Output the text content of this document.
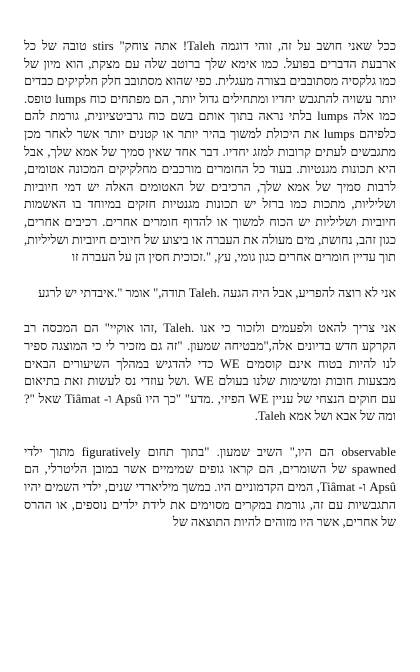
ככל שאני חושב על זה, זוהי דוגמה Taleh! אתה צוחק" stirs טובה של כל ארבעת הדברים בפועל. כמו אימא שלך ברוטב שלה עם מצקת, הוא מיון של כמו גלקסיה מסתובבים בצורה מעגלית. כפי שהוא מסתובב חלק חלקיקים כבדים יותר עשויה להתגבש יחדיו ומתחילים גדול יותר, הם מפתחים כוח lumps טופס. כמו אלה lumps בלתי נראה בתוך אותם בשם כוח גרביטציונית, גורמת להם כלפיהם lumps את היכולת למשוך בהיר יותר או קטנים יותר אשר לאחר מכן מתגבשים לעתים קרובות למזג יחדיו. דבר אחד שאין סמיך של אמא שלך, אבל היא תכונות מגנטיות. בעוד כל החומרים מורכבים מחלקיקים המכונה אטומים, לרבות סמיך של אמא שלך, הרכיבים של האטומים האלה יש דמי חיוביות ושליליות, מתכות כמו ברזל יש תכונות מגנטיות חזקים במיוחד בו האשמות חיוביות ושליליות יש הכוח למשוך או להדוף חומרים אחרים. רכיבים אחרים, כגון זהב, נחושת, מים מעולה את העברה או ביצוע של חיובים חיוביות ושליליות, תוך עדיין חומרים אחרים כגון גומי, עץ, ".זכוכית חסין הן על העברה זו

אני לא רוצה להפריע, אבל היה הגעה .Taleh תודה," אומר ".איבדתי יש לרגע

אני צריך להאט ולפעמים ולזכור כי אנו .Taleh ,זהו אוקיי" הם המכסה רב הקרקע חדש בדיונים אלה,"מבטיחה שמעון. "זה גם מזכיר לי כי המוצגה ספיר לנו להיות בטוח אינם קוסמים WE כדי להדגיש במהלך השיעורים הבאים מבצעות חובות ומשימות שלנו בעולם WE .ושל עוזדי נס לעשות זאת בתיאום עם חוקים הנצחי של עניין WE הפיזי, .מדע" "כך היו Apsû ו- Tiâmat שאל "?ומה של אבא ושל אמא Taleh.

observable הם היו," השיב שמעון. "בתוך תחום figuratively מתוך ילדי spawned של השומרים, הם קראו גופים שמימיים אשר במובן הליטרלי, הם Apsû ו- Tiâmat, המים הקדמוניים היו. במשך מיליארדי שנים, ילדי השמים יהיו התגבשיות עם זה, גורמת במקרים מסוימים את לידת ילדים נוספים, או ההרס של אחרים, אשר היו מזוהים להיות התוצאה של
